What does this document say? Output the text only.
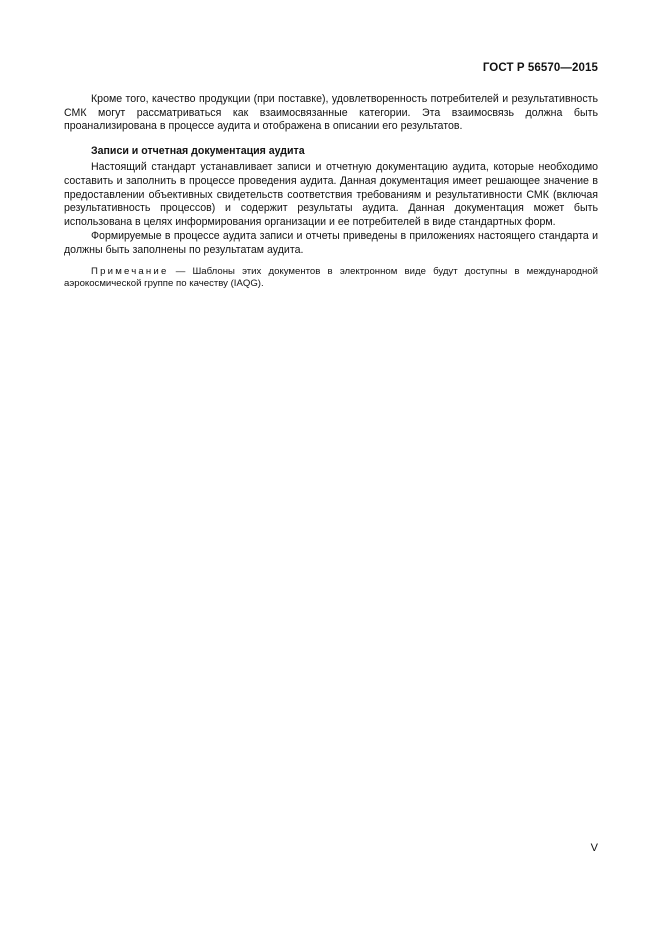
ГОСТ Р 56570—2015

Кроме того, качество продукции (при поставке), удовлетворенность потребителей и результативность СМК могут рассматриваться как взаимосвязанные категории. Эта взаимосвязь должна быть проанализирована в процессе аудита и отображена в описании его результатов.

Записи и отчетная документация аудита

Настоящий стандарт устанавливает записи и отчетную документацию аудита, которые необходимо составить и заполнить в процессе проведения аудита. Данная документация имеет решающее значение в предоставлении объективных свидетельств соответствия требованиям и результативности СМК (включая результативность процессов) и содержит результаты аудита. Данная документация может быть использована в целях информирования организации и ее потребителей в виде стандартных форм.

Формируемые в процессе аудита записи и отчеты приведены в приложениях настоящего стандарта и должны быть заполнены по результатам аудита.

Примечание — Шаблоны этих документов в электронном виде будут доступны в международной аэрокосмической группе по качеству (IAQG).

V
